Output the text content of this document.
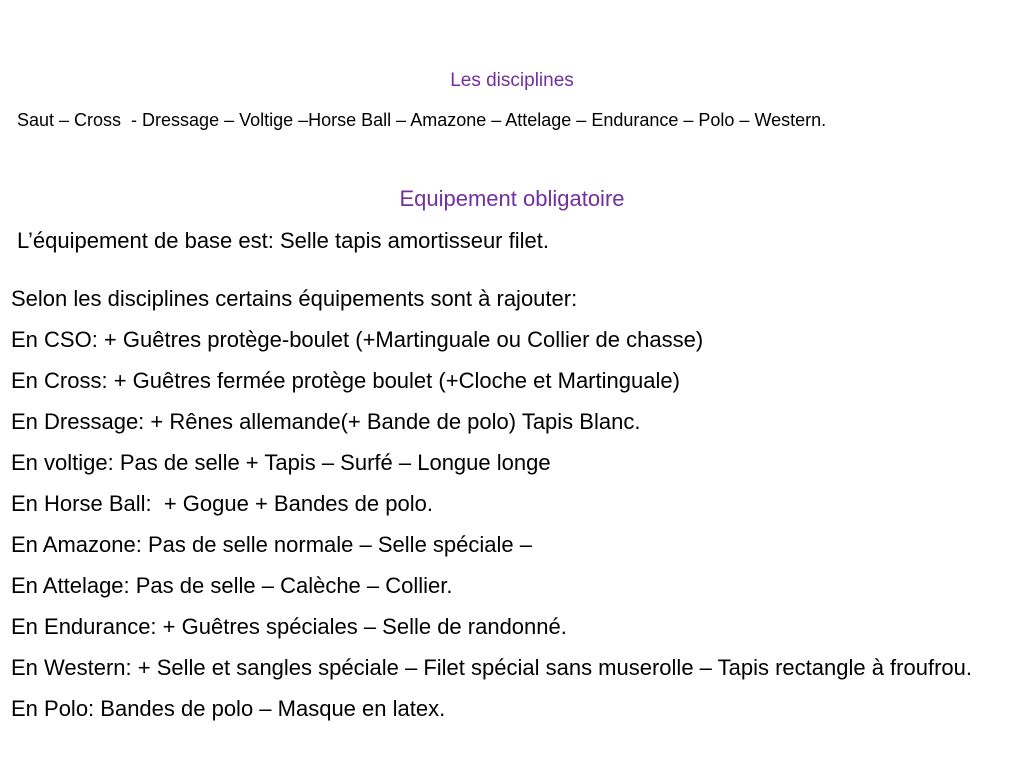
Les disciplines
Saut – Cross  - Dressage – Voltige –Horse Ball – Amazone – Attelage – Endurance – Polo – Western.
Equipement obligatoire
L’équipement de base est: Selle tapis amortisseur filet.
Selon les disciplines certains équipements sont à rajouter:
En CSO: + Guêtres protège-boulet (+Martinguale ou Collier de chasse)
En Cross: + Guêtres fermée protège boulet (+Cloche et Martinguale)
En Dressage: + Rênes allemande(+ Bande de polo) Tapis Blanc.
En voltige: Pas de selle + Tapis – Surfé – Longue longe
En Horse Ball:  + Gogue + Bandes de polo.
En Amazone: Pas de selle normale – Selle spéciale –
En Attelage: Pas de selle – Calèche – Collier.
En Endurance: + Guêtres spéciales – Selle de randonné.
En Western: + Selle et sangles spéciale – Filet spécial sans muserolle – Tapis rectangle à froufrou.
En Polo: Bandes de polo – Masque en latex.
